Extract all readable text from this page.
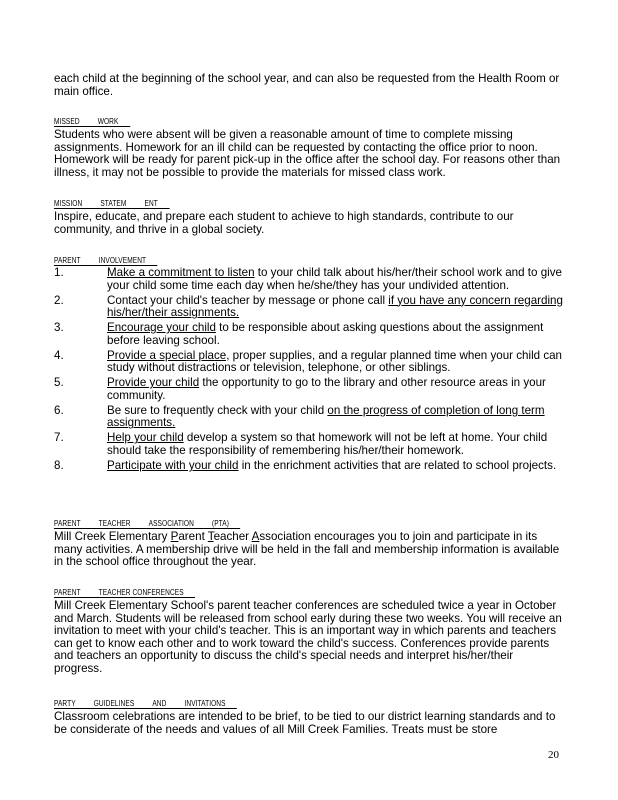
each child at the beginning of the school year, and can also be requested from the Health Room or main office.

MISSED WORK

Students who were absent will be given a reasonable amount of time to complete missing assignments. Homework for an ill child can be requested by contacting the office prior to noon. Homework will be ready for parent pick-up in the office after the school day. For reasons other than illness, it may not be possible to provide the materials for missed class work.

MISSION STATEM ENT

Inspire, educate, and prepare each student to achieve to high standards, contribute to our community, and thrive in a global society.

PARENT INVOLVEMENT
1.	Make a commitment to listen to your child talk about his/her/their school work and to give your child some time each day when he/she/they has your undivided attention.
2.	Contact your child's teacher by message or phone call if you have any concern regarding his/her/their assignments.
3.	Encourage your child to be responsible about asking questions about the assignment before leaving school.
4.	Provide a special place, proper supplies, and a regular planned time when your child can study without distractions or television, telephone, or other siblings.
5.	Provide your child the opportunity to go to the library and other resource areas in your community.
6.	Be sure to frequently check with your child on the progress of completion of long term assignments.
7.	Help your child develop a system so that homework will not be left at home. Your child should take the responsibility of remembering his/her/their homework.
8.	Participate with your child in the enrichment activities that are related to school projects.
PARENT TEACHER ASSOCIATION (PTA)

Mill Creek Elementary Parent Teacher Association encourages you to join and participate in its many activities. A membership drive will be held in the fall and membership information is available in the school office throughout the year.

PARENT TEACHER CONFERENCES

Mill Creek Elementary School's parent teacher conferences are scheduled twice a year in October and March. Students will be released from school early during these two weeks. You will receive an invitation to meet with your child's teacher. This is an important way in which parents and teachers can get to know each other and to work toward the child's success. Conferences provide parents and teachers an opportunity to discuss the child's special needs and interpret his/her/their progress.

PARTY GUIDELINES AND INVITATIONS

Classroom celebrations are intended to be brief, to be tied to our district learning standards and to be considerate of the needs and values of all Mill Creek Families. Treats must be store

20
